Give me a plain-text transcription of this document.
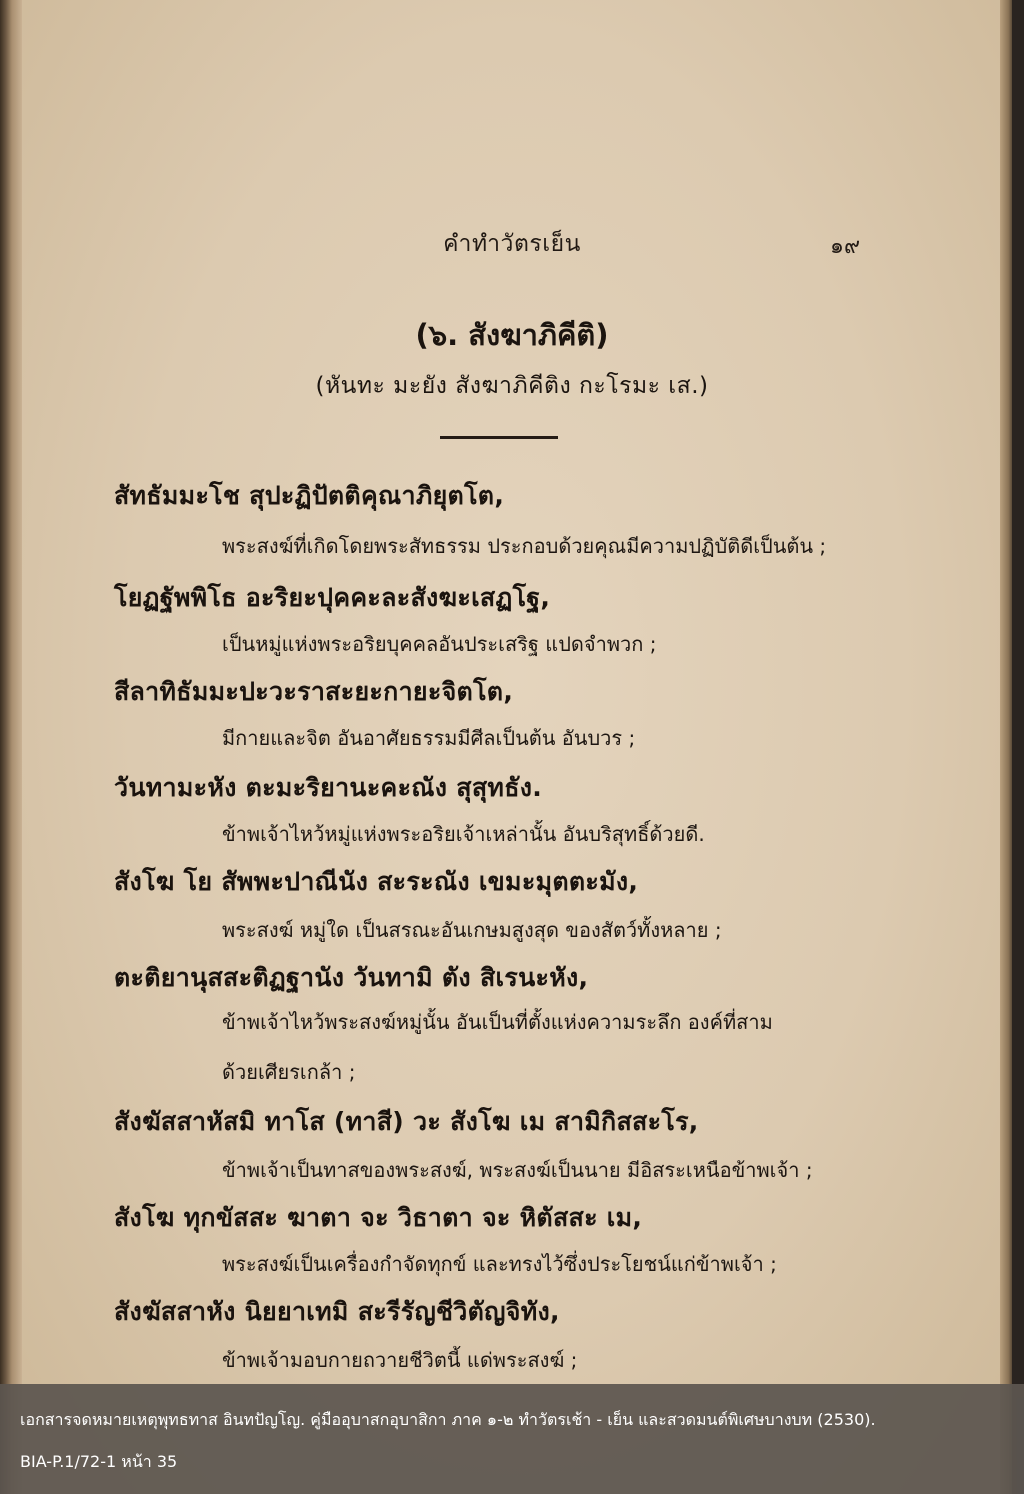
คำทำวัตรเย็น	๑๙
(๖. สังฆาภิคีติ)
(หันทะ มะยัง สังฆาภิคีติง กะโรมะ เส.)
สัทธัมมะโช สุปะฏิปัตติคุณาภิยุตโต,
พระสงฆ์ที่เกิดโดยพระสัทธรรม ประกอบด้วยคุณมีความปฏิบัติดีเป็นต้น ;
โยฏฐัพพิโธ อะริยะปุคคะละสังฆะเสฏโฐ,
เป็นหมู่แห่งพระอริยบุคคลอันประเสริฐ แปดจำพวก ;
สีลาทิธัมมะปะวะราสะยะกายะจิตโต,
มีกายและจิต อันอาศัยธรรมมีศีลเป็นต้น อันบวร ;
วันทามะหัง ตะมะริยานะคะณัง สุสุทธัง.
ข้าพเจ้าไหว้หมู่แห่งพระอริยเจ้าเหล่านั้น อันบริสุทธิ์ด้วยดี.
สังโฆ โย สัพพะปาณีนัง สะระณัง เขมะมุตตะมัง,
พระสงฆ์ หมู่ใด เป็นสรณะอันเกษมสูงสุด ของสัตว์ทั้งหลาย ;
ตะติยานุสสะติฏฐานัง วันทามิ ตัง สิเรนะหัง,
ข้าพเจ้าไหว้พระสงฆ์หมู่นั้น อันเป็นที่ตั้งแห่งความระลึก องค์ที่สาม
ด้วยเศียรเกล้า ;
สังฆัสสาหัสมิ ทาโส (ทาสี) วะ สังโฆ เม สามิกิสสะโร,
ข้าพเจ้าเป็นทาสของพระสงฆ์, พระสงฆ์เป็นนาย มีอิสระเหนือข้าพเจ้า ;
สังโฆ ทุกขัสสะ ฆาตา จะ วิธาตา จะ หิตัสสะ เม,
พระสงฆ์เป็นเครื่องกำจัดทุกข์ และทรงไว้ซึ่งประโยชน์แก่ข้าพเจ้า ;
สังฆัสสาหัง นิยยาเทมิ สะรีรัญชีวิตัญจิทัง,
ข้าพเจ้ามอบกายถวายชีวิตนี้ แด่พระสงฆ์ ;
เอกสารจดหมายเหตุพุทธทาส อินทปัญโญ. คู่มืออุบาสกอุบาสิกา ภาค ๑-๒ ทำวัตรเช้า - เย็น และสวดมนต์พิเศษบางบท (2530).
BIA-P.1/72-1 หน้า 35
